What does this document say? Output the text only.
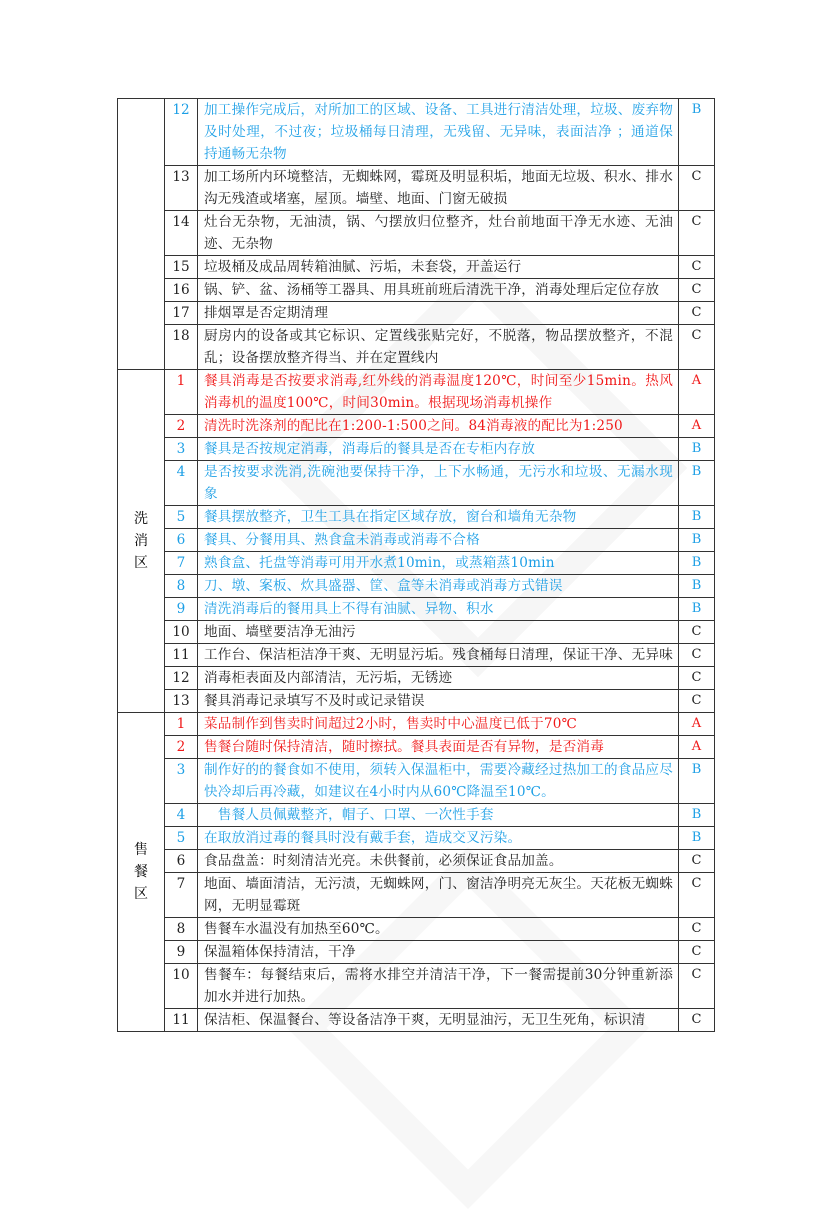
	12	加工操作完成后，对所加工的区域、设备、工具进行清洁处理，垃圾、废弃物及时处理，不过夜；垃圾桶每日清理，无残留、无异味，表面洁净 ；通道保持通畅无杂物	B
	13	加工场所内环境整洁，无蜘蛛网，霉斑及明显积垢，地面无垃圾、积水、排水沟无残渣或堵塞，屋顶。墙壁、地面、门窗无破损	C
	14	灶台无杂物，无油渍，锅、勺摆放归位整齐，灶台前地面干净无水迹、无油迹、无杂物	C
	15	垃圾桶及成品周转箱油腻、污垢，未套袋，开盖运行	C
	16	锅、铲、盆、汤桶等工器具、用具班前班后清洗干净，消毒处理后定位存放	C
	17	排烟罩是否定期清理	C
	18	厨房内的设备或其它标识、定置线张贴完好，不脱落，物品摆放整齐，不混乱；设备摆放整齐得当、并在定置线内	C
洗消区	1	餐具消毒是否按要求消毒,红外线的消毒温度120℃，时间至少15min。热风消毒机的温度100℃，时间30min。根据现场消毒机操作	A
	2	清洗时洗涤剂的配比在1:200-1:500之间。84消毒液的配比为1:250	A
	3	餐具是否按规定消毒，消毒后的餐具是否在专柜内存放	B
	4	是否按要求洗消,洗碗池要保持干净，上下水畅通，无污水和垃圾、无漏水现象	B
	5	餐具摆放整齐，卫生工具在指定区域存放，窗台和墙角无杂物	B
	6	餐具、分餐用具、熟食盒未消毒或消毒不合格	B
	7	熟食盒、托盘等消毒可用开水煮10min，或蒸箱蒸10min	B
	8	刀、墩、案板、炊具盛器、筐、盒等未消毒或消毒方式错误	B
	9	清洗消毒后的餐用具上不得有油腻、异物、积水	B
	10	地面、墙壁要洁净无油污	C
	11	工作台、保洁柜洁净干爽、无明显污垢。残食桶每日清理，保证干净、无异味	C
	12	消毒柜表面及内部清洁，无污垢，无锈迹	C
	13	餐具消毒记录填写不及时或记录错误	C
售餐区	1	菜品制作到售卖时间超过2小时，售卖时中心温度已低于70℃	A
	2	售餐台随时保持清洁，随时擦拭。餐具表面是否有异物，是否消毒	A
	3	制作好的的餐食如不使用，须转入保温柜中，需要冷藏经过热加工的食品应尽快冷却后再冷藏，如建议在4小时内从60℃降温至10℃。	B
	4	　售餐人员佩戴整齐，帽子、口罩、一次性手套	B
	5	在取放消过毒的餐具时没有戴手套，造成交叉污染。	B
	6	食品盘盖：时刻清洁光亮。未供餐前，必须保证食品加盖。	C
	7	地面、墙面清洁，无污渍，无蜘蛛网，门、窗洁净明亮无灰尘。天花板无蜘蛛网，无明显霉斑	C
	8	售餐车水温没有加热至60℃。	C
	9	保温箱体保持清洁，干净	C
	10	售餐车：每餐结束后，需将水排空并清洁干净，下一餐需提前30分钟重新添加水并进行加热。	C
	11	保洁柜、保温餐台、等设备洁净干爽，无明显油污，无卫生死角，标识清	C
